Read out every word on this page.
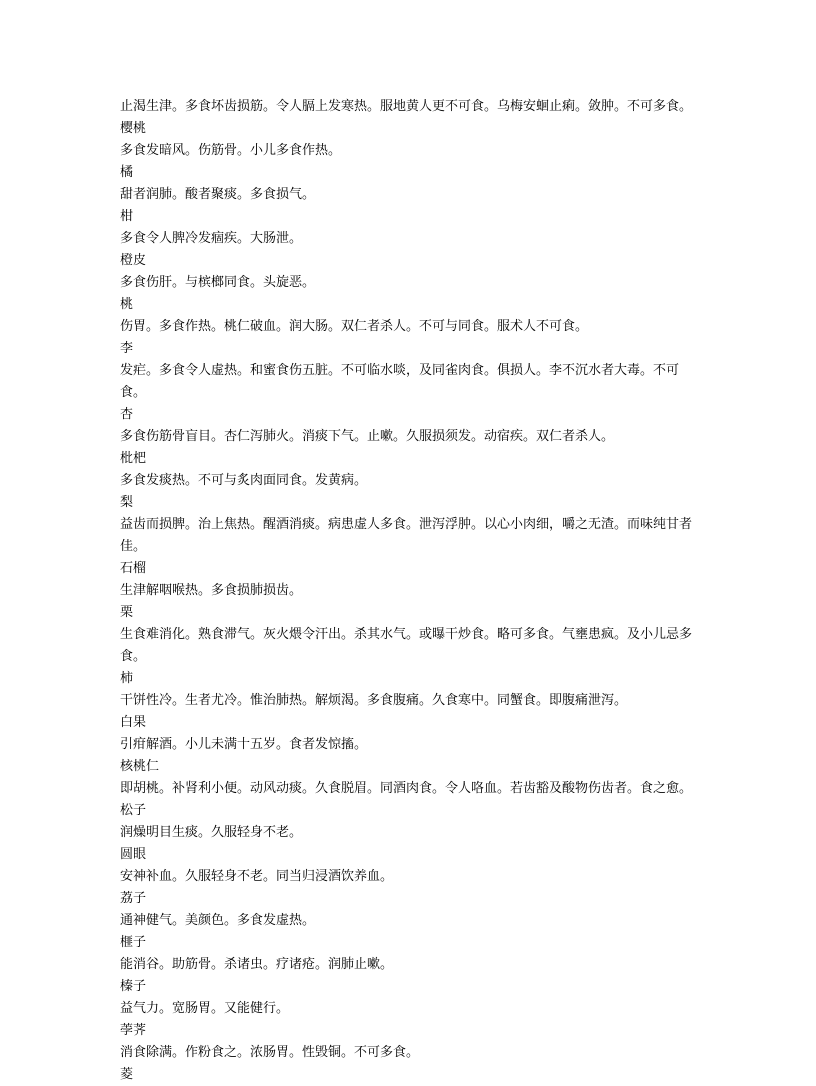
止渴生津。多食坏齿损筋。令人膈上发寒热。服地黄人更不可食。乌梅安蛔止痢。敛肿。不可多食。
樱桃
多食发暗风。伤筋骨。小儿多食作热。
橘
甜者润肺。酸者聚痰。多食损气。
柑
多食令人脾冷发痼疾。大肠泄。
橙皮
多食伤肝。与槟榔同食。头旋恶。
桃
伤胃。多食作热。桃仁破血。润大肠。双仁者杀人。不可与同食。服术人不可食。
李
发疟。多食令人虚热。和蜜食伤五脏。不可临水啖，及同雀肉食。俱损人。李不沉水者大毒。不可食。
杏
多食伤筋骨盲目。杏仁泻肺火。消痰下气。止嗽。久服损须发。动宿疾。双仁者杀人。
枇杷
多食发痰热。不可与炙肉面同食。发黄病。
梨
益齿而损脾。治上焦热。醒酒消痰。病患虚人多食。泄泻浮肿。以心小肉细，嚼之无渣。而味纯甘者佳。
石榴
生津解咽喉热。多食损肺损齿。
栗
生食难消化。熟食滞气。灰火煨令汗出。杀其水气。或曝干炒食。略可多食。气壅患疯。及小儿忌多食。
柿
干饼性冷。生者尤冷。惟治肺热。解烦渴。多食腹痛。久食寒中。同蟹食。即腹痛泄泻。
白果
引疳解酒。小儿未满十五岁。食者发惊搐。
核桃仁
即胡桃。补肾利小便。动风动痰。久食脱眉。同酒肉食。令人咯血。若齿豁及酸物伤齿者。食之愈。
松子
润燥明目生痰。久服轻身不老。
圆眼
安神补血。久服轻身不老。同当归浸酒饮养血。
荔子
通神健气。美颜色。多食发虚热。
榧子
能消谷。助筋骨。杀诸虫。疗诸疮。润肺止嗽。
榛子
益气力。宽肠胃。又能健行。
荸荠
消食除满。作粉食之。浓肠胃。性毁铜。不可多食。
菱
